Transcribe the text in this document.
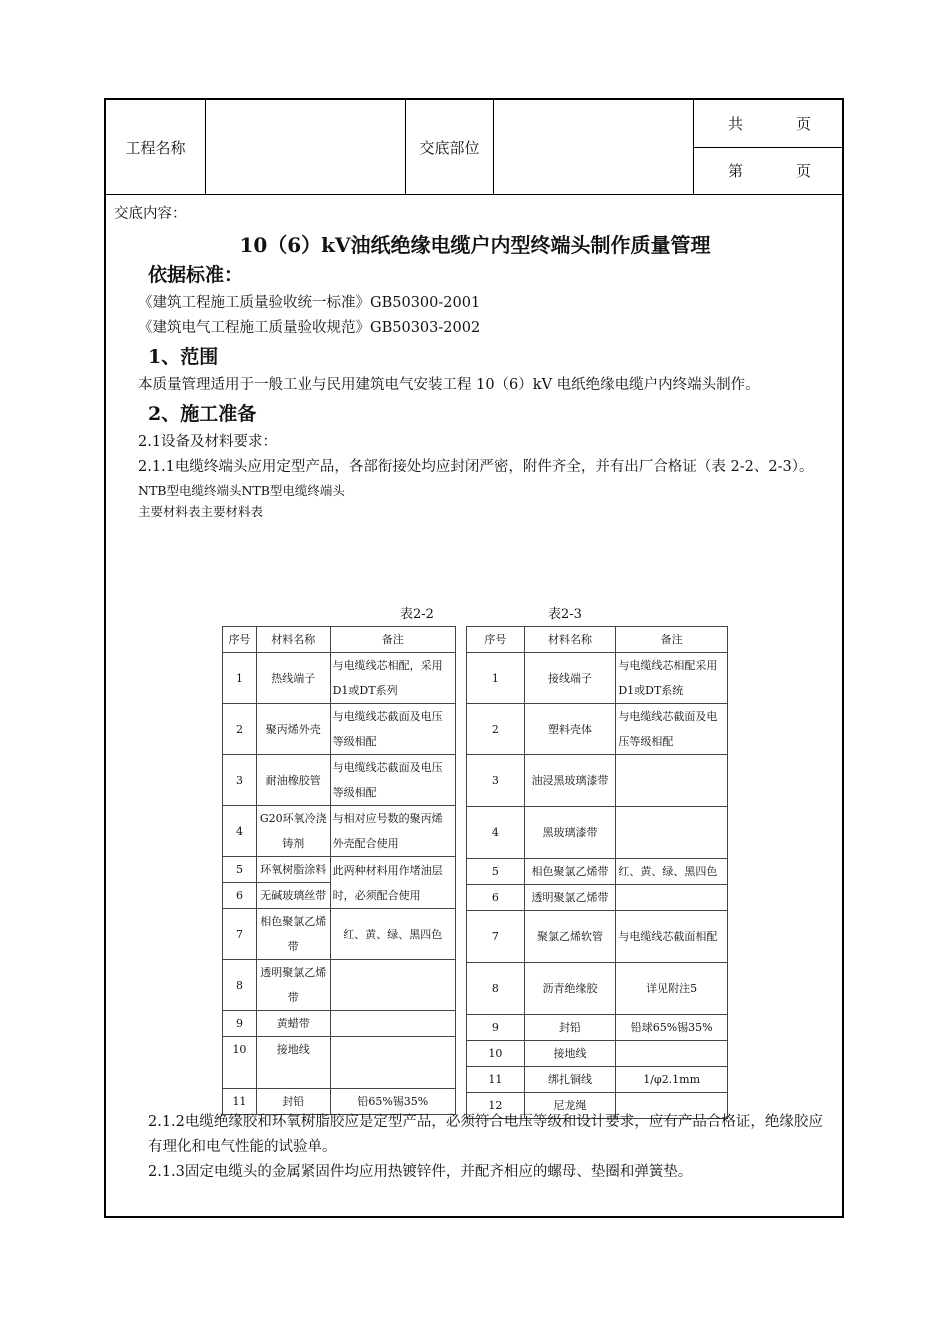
工程名称	交底部位
共	页
第	页

交底内容：

10（6）kV油纸绝缘电缆户内型终端头制作质量管理

依据标准：

《建筑工程施工质量验收统一标准》GB50300-2001

《建筑电气工程施工质量验收规范》GB50303-2002

1、范围

本质量管理适用于一般工业与民用建筑电气安装工程 10（6）kV 电纸绝缘电缆户内终端头制作。

2、施工准备

2.1设备及材料要求：

2.1.1电缆终端头应用定型产品，各部衔接处均应封闭严密，附件齐全，并有出厂合格证（表 2-2、2-3）。

NTB型电缆终端头NTB型电缆终端头

主要材料表主要材料表

表2-2	表2-3
序号	材料名称	备注
1	热线端子	与电缆线芯相配，采用D1或DT系列
2	聚丙烯外壳	与电缆线芯截面及电压等级相配
3	耐油橡胶管	与电缆线芯截面及电压等级相配
4	G20环氧冷浇铸剂	与相对应号数的聚丙烯外壳配合使用
5	环氧树脂涂料	此两种材料用作堵油层时，必须配合使用
6	无碱玻璃丝带	
7	相色聚氯乙烯带	红、黄、绿、黑四色
8	透明聚氯乙烯带	
9	黄蜡带	
10	接地线	
11	封铅	铅65%锡35%
序号	材料名称	备注
1	接线端子	与电缆线芯相配采用D1或DT系统
2	塑料壳体	与电缆线芯截面及电压等级相配
3	油浸黑玻璃漆带	
4	黑玻璃漆带	
5	相色聚氯乙烯带	红、黄、绿、黑四色
6	透明聚氯乙烯带	
7	聚氯乙烯软管	与电缆线芯截面相配
8	沥青绝缘胶	详见附注5
9	封铅	铅球65%锡35%
10	接地线	
11	绑扎铜线	1/φ2.1mm
12	尼龙绳	

2.1.2电缆绝缘胶和环氧树脂胶应是定型产品，必须符合电压等级和设计要求，应有产品合格证，绝缘胶应有理化和电气性能的试验单。

2.1.3固定电缆头的金属紧固件均应用热镀锌件，并配齐相应的螺母、垫圈和弹簧垫。
